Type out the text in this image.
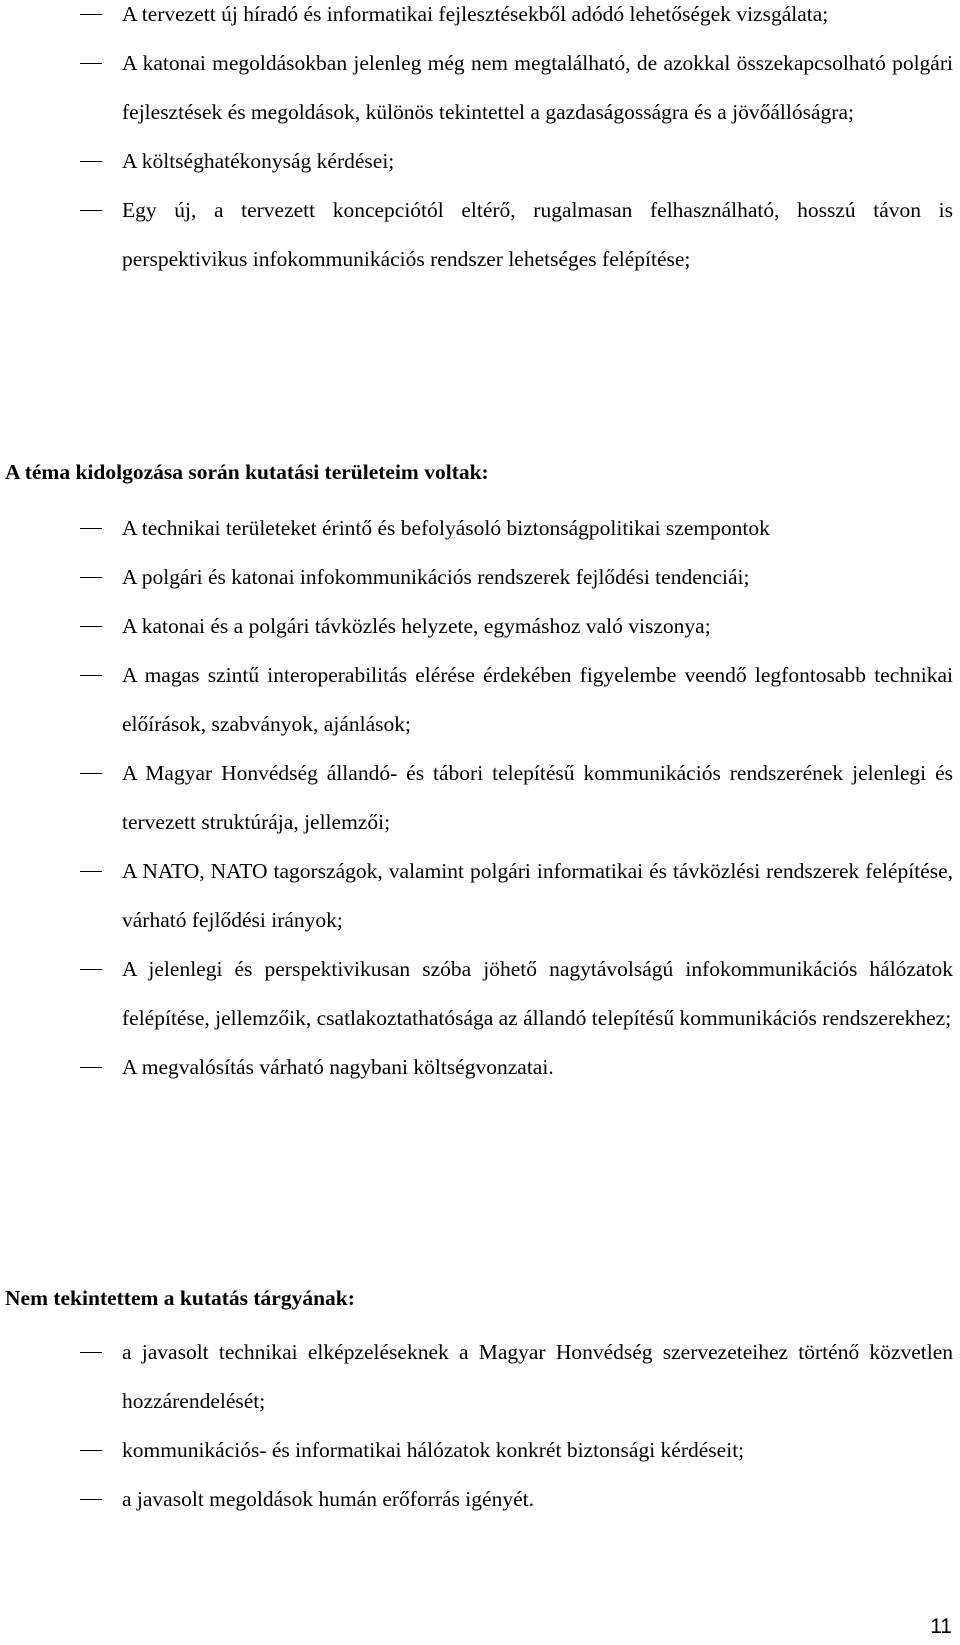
A tervezett új híradó és informatikai fejlesztésekből adódó lehetőségek vizsgálata;
A katonai megoldásokban jelenleg még nem megtalálható, de azokkal összekapcsolható polgári fejlesztések és megoldások, különös tekintettel a gazdaságosságra és a jövőállóságra;
A költséghatékonyság kérdései;
Egy új, a tervezett koncepciótól eltérő, rugalmasan felhasználható, hosszú távon is perspektivikus infokommunikációs rendszer lehetséges felépítése;
A téma kidolgozása során kutatási területeim voltak:
A technikai területeket érintő és befolyásoló biztonságpolitikai szempontok
A polgári és katonai infokommunikációs rendszerek fejlődési tendenciái;
A katonai és a polgári távközlés helyzete, egymáshoz való viszonya;
A magas szintű interoperabilitás elérése érdekében figyelembe veendő legfontosabb technikai előírások, szabványok, ajánlások;
A Magyar Honvédség állandó- és tábori telepítésű kommunikációs rendszerének jelenlegi és tervezett struktúrája, jellemzői;
A NATO, NATO tagországok, valamint polgári informatikai és távközlési rendszerek felépítése, várható fejlődési irányok;
A jelenlegi és perspektivikusan szóba jöhető nagytávolságú infokommunikációs hálózatok felépítése, jellemzőik, csatlakoztathatósága az állandó telepítésű kommunikációs rendszerekhez;
A megvalósítás várható nagybani költségvonzatai.
Nem tekintettem a kutatás tárgyának:
a javasolt technikai elképzeléseknek a Magyar Honvédség szervezeteihez történő közvetlen hozzárendelését;
kommunikációs- és informatikai hálózatok konkrét biztonsági kérdéseit;
a javasolt megoldások humán erőforrás igényét.
11
